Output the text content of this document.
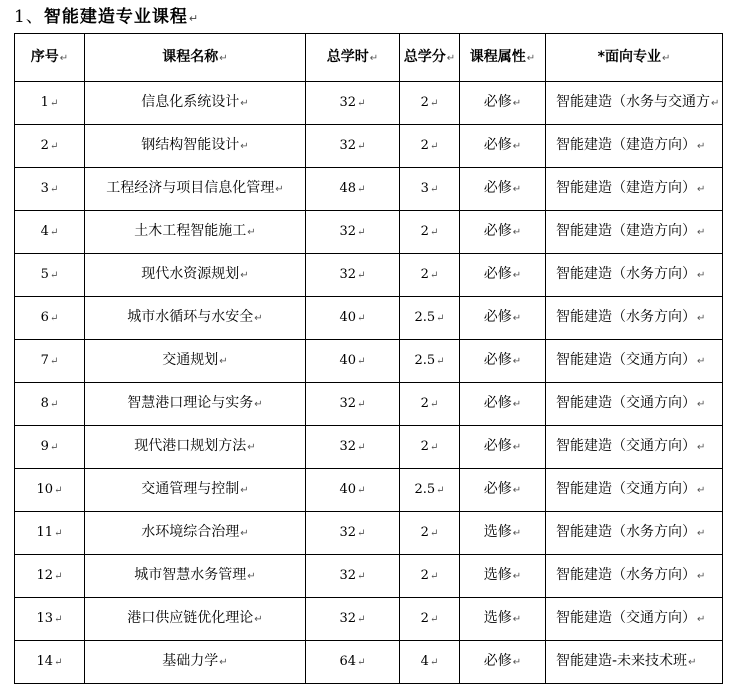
1、智能建造专业课程↵
序号↵	课程名称↵	总学时↵	总学分↵	课程属性↵	*面向专业↵
1↵	信息化系统设计↵	32↵	2↵	必修↵	智能建造（水务与交通方↵
2↵	钢结构智能设计↵	32↵	2↵	必修↵	智能建造（建造方向）↵
3↵	工程经济与项目信息化管理↵	48↵	3↵	必修↵	智能建造（建造方向）↵
4↵	土木工程智能施工↵	32↵	2↵	必修↵	智能建造（建造方向）↵
5↵	现代水资源规划↵	32↵	2↵	必修↵	智能建造（水务方向）↵
6↵	城市水循环与水安全↵	40↵	2.5↵	必修↵	智能建造（水务方向）↵
7↵	交通规划↵	40↵	2.5↵	必修↵	智能建造（交通方向）↵
8↵	智慧港口理论与实务↵	32↵	2↵	必修↵	智能建造（交通方向）↵
9↵	现代港口规划方法↵	32↵	2↵	必修↵	智能建造（交通方向）↵
10↵	交通管理与控制↵	40↵	2.5↵	必修↵	智能建造（交通方向）↵
11↵	水环境综合治理↵	32↵	2↵	选修↵	智能建造（水务方向）↵
12↵	城市智慧水务管理↵	32↵	2↵	选修↵	智能建造（水务方向）↵
13↵	港口供应链优化理论↵	32↵	2↵	选修↵	智能建造（交通方向）↵
14↵	基础力学↵	64↵	4↵	必修↵	智能建造-未来技术班↵
